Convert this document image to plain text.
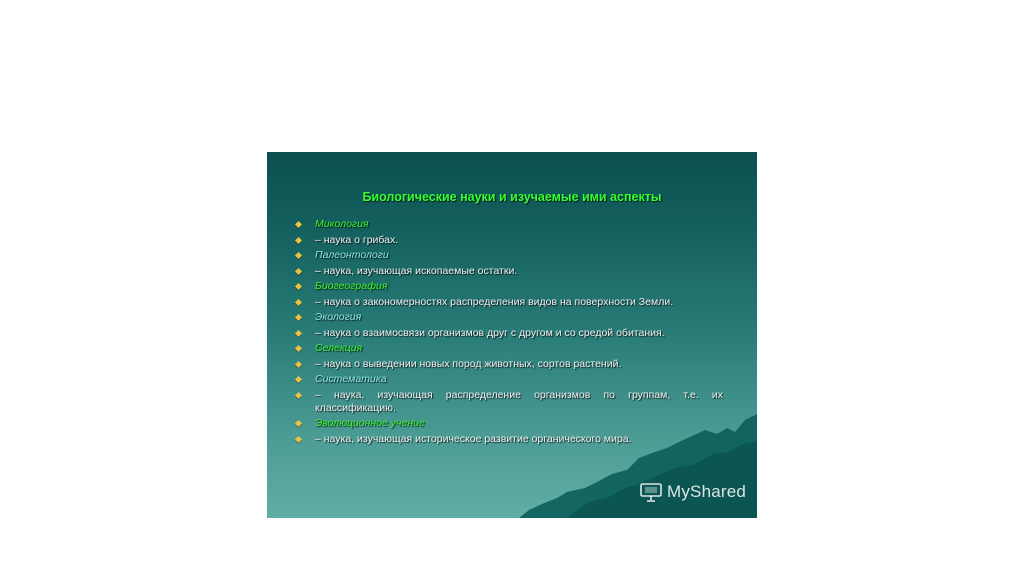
Биологические науки и изучаемые ими аспекты
Микология
– наука о грибах.
Палеонтологи
– наука, изучающая ископаемые остатки.
Биогеография
– наука о закономерностях распределения видов на поверхности Земли.
Экология
– наука о взаимосвязи организмов друг с другом и со средой обитания.
Селекция
– наука о выведении новых пород животных, сортов растений.
Систематика
– наука, изучающая распределение организмов по группам, т.е. их классификацию.
Эволюционное учение
– наука, изучающая историческое развитие органического мира.
MyShared
